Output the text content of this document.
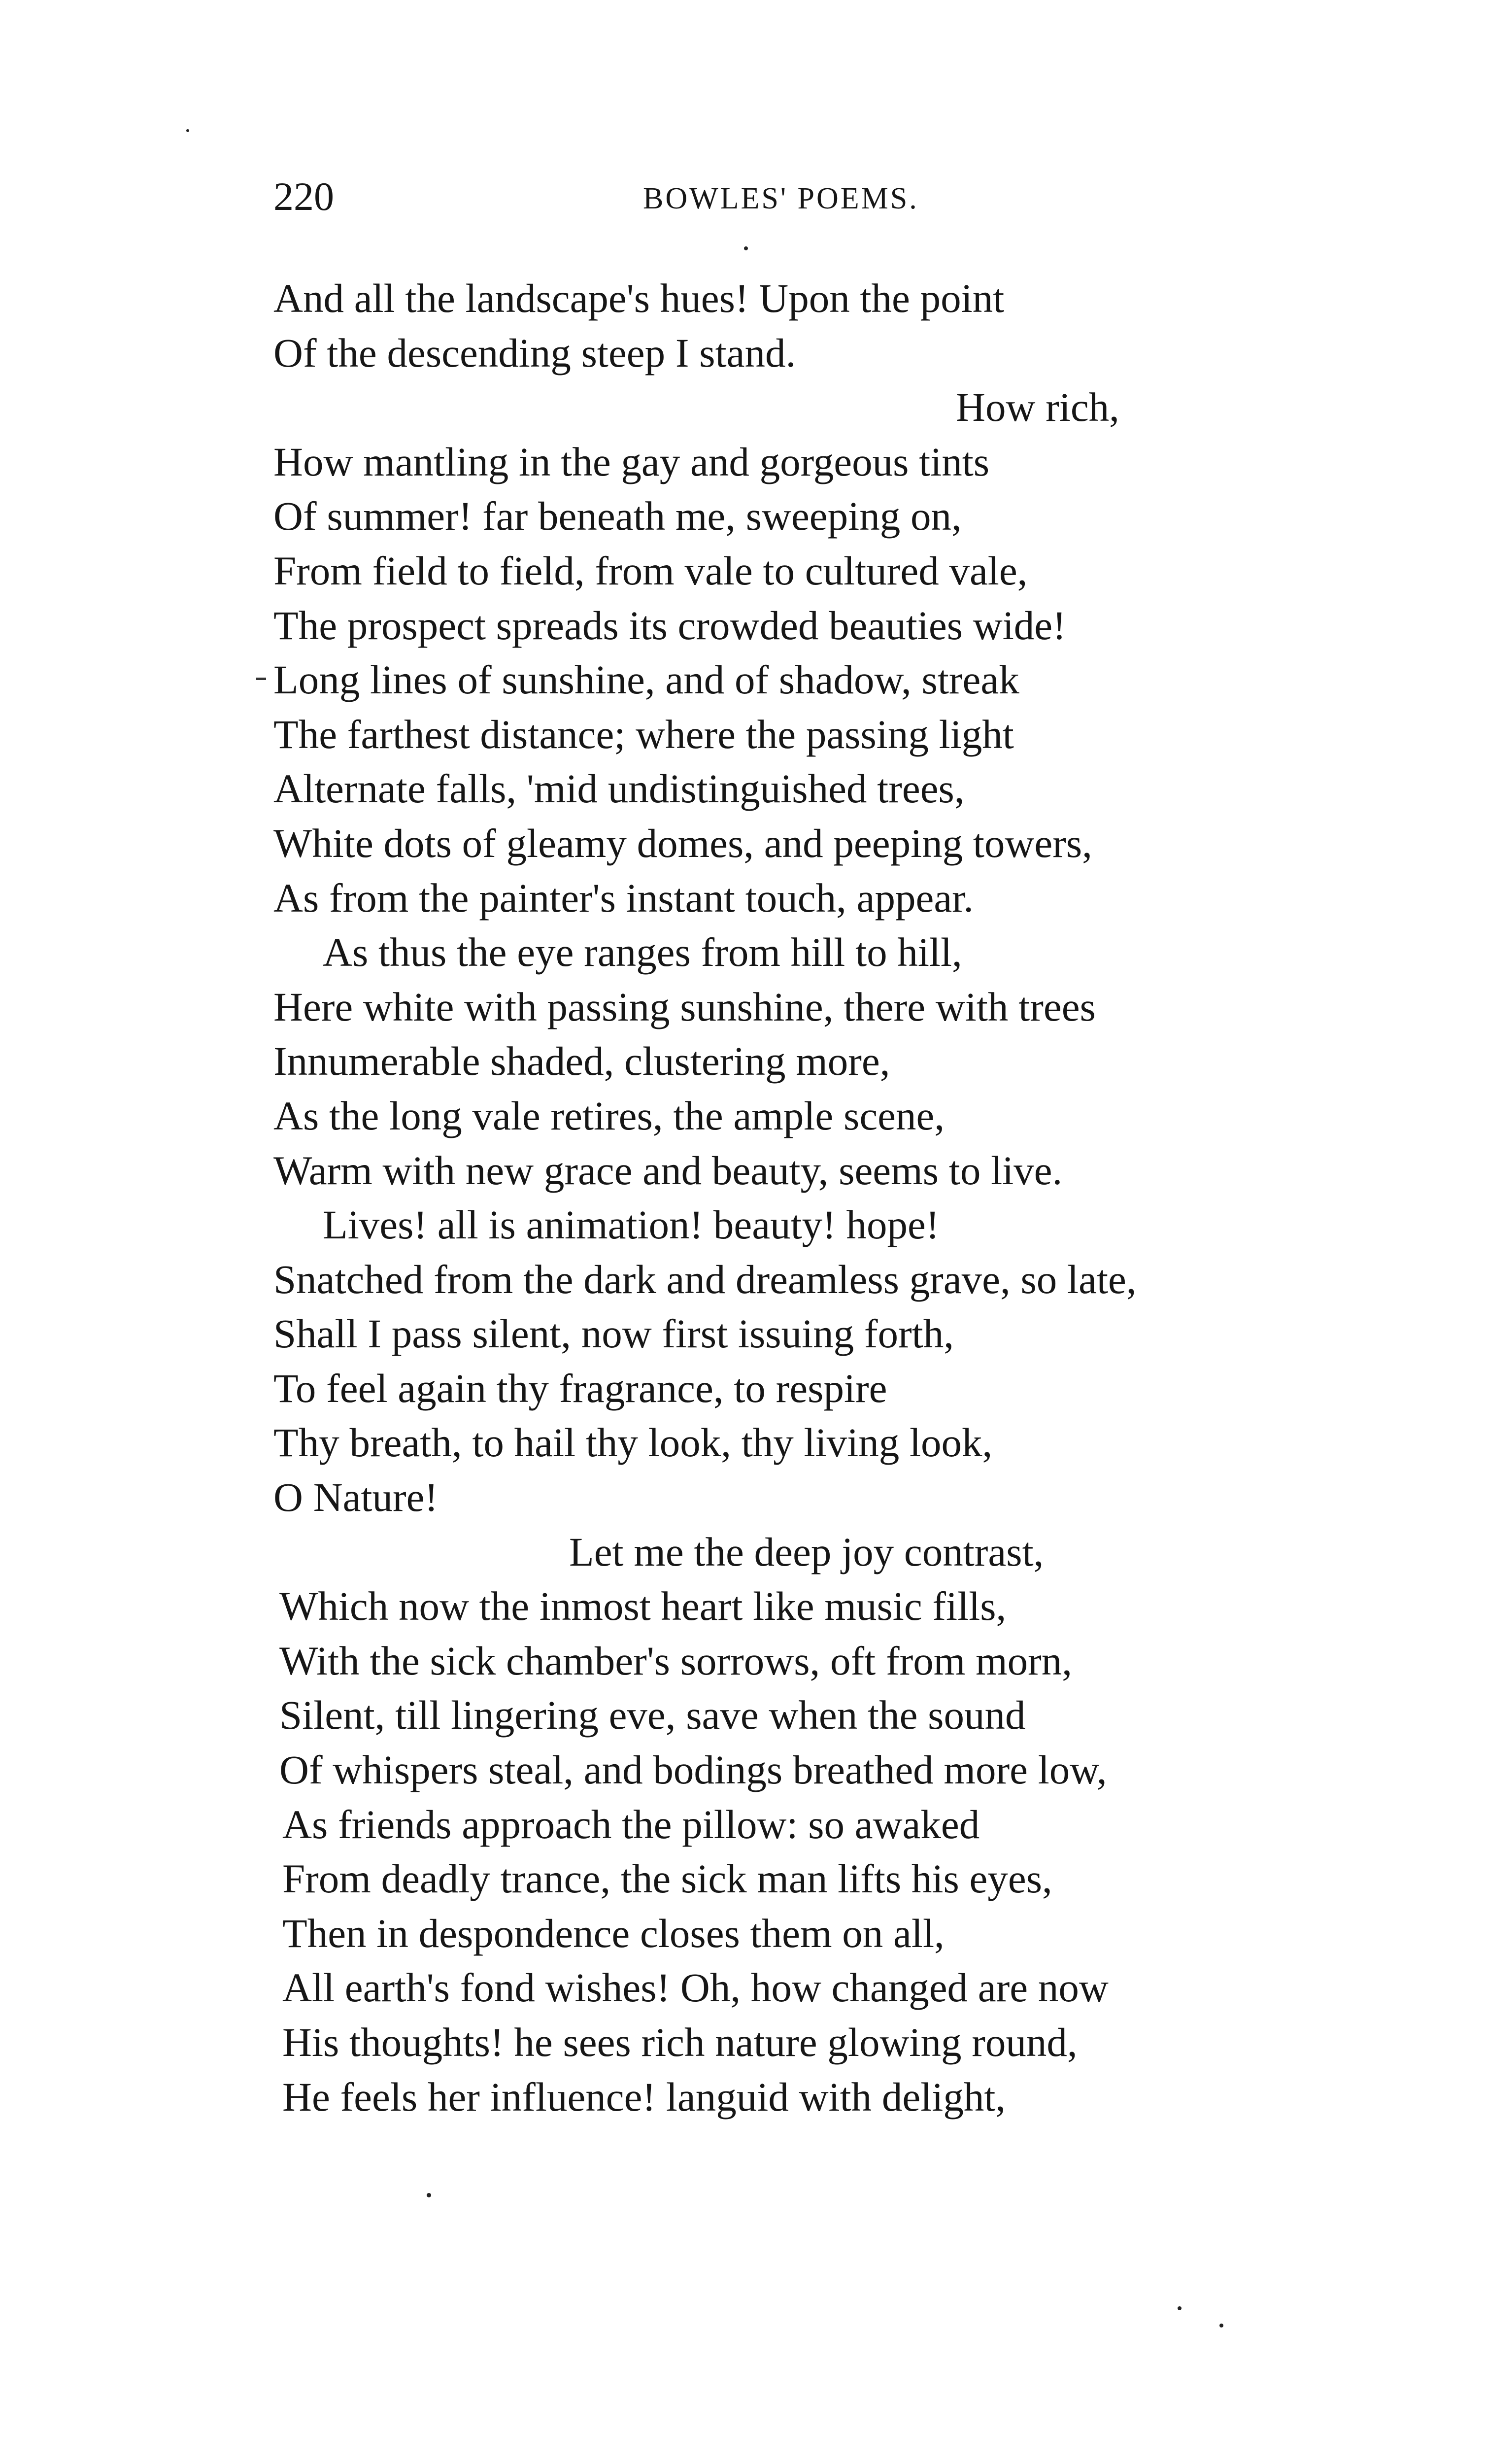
220	BOWLES' POEMS.
And all the landscape's hues! Upon the point
Of the descending steep I stand.
How rich,
How mantling in the gay and gorgeous tints
Of summer! far beneath me, sweeping on,
From field to field, from vale to cultured vale,
The prospect spreads its crowded beauties wide!
Long lines of sunshine, and of shadow, streak
The farthest distance; where the passing light
Alternate falls, 'mid undistinguished trees,
White dots of gleamy domes, and peeping towers,
As from the painter's instant touch, appear.
As thus the eye ranges from hill to hill,
Here white with passing sunshine, there with trees
Innumerable shaded, clustering more,
As the long vale retires, the ample scene,
Warm with new grace and beauty, seems to live.
Lives! all is animation! beauty! hope!
Snatched from the dark and dreamless grave, so late,
Shall I pass silent, now first issuing forth,
To feel again thy fragrance, to respire
Thy breath, to hail thy look, thy living look,
O Nature!
Let me the deep joy contrast,
Which now the inmost heart like music fills,
With the sick chamber's sorrows, oft from morn,
Silent, till lingering eve, save when the sound
Of whispers steal, and bodings breathed more low,
As friends approach the pillow: so awaked
From deadly trance, the sick man lifts his eyes,
Then in despondence closes them on all,
All earth's fond wishes! Oh, how changed are now
His thoughts! he sees rich nature glowing round,
He feels her influence! languid with delight,
